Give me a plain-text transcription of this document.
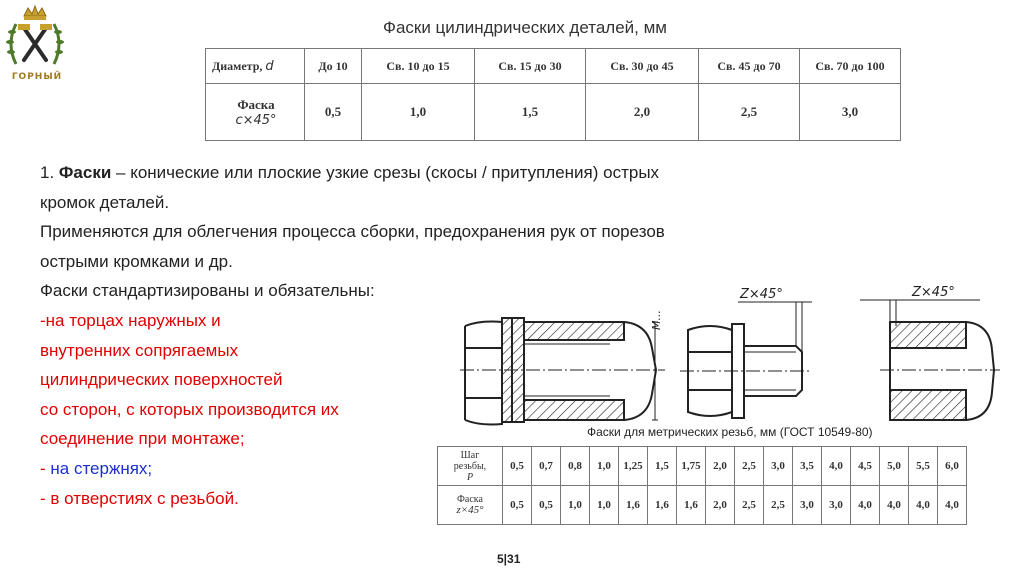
ГОРНЫЙ
Фаски цилиндрических деталей, мм
Диаметр, d	До 10	Св. 10 до 15	Св. 15 до 30	Св. 30 до 45	Св. 45 до 70	Св. 70 до 100

Фаска
c×45°	0,5	1,0	1,5	2,0	2,5	3,0
1. Фаски – конические или плоские узкие срезы (скосы / притупления) острых
кромок деталей.
Применяются для облегчения процесса сборки, предохранения рук от порезов
острыми кромками и др.
Фаски стандартизированы и обязательны:
-на торцах наружных и
внутренних сопрягаемых
цилиндрических поверхностей
со сторон, с которых производится их
соединение при монтаже;
- на стержнях;
- в отверстиях с резьбой.
M...
Z×45°	Z×45°
Фаски для метрических резьб, мм (ГОСТ 10549-80)
Шаг
резьбы,
P	0,5	0,7	0,8	1,0	1,25	1,5	1,75	2,0	2,5	3,0	3,5	4,0	4,5	5,0	5,5	6,0

Фаска
z×45°	0,5	0,5	1,0	1,0	1,6	1,6	1,6	2,0	2,5	2,5	3,0	3,0	4,0	4,0	4,0	4,0
5|31
